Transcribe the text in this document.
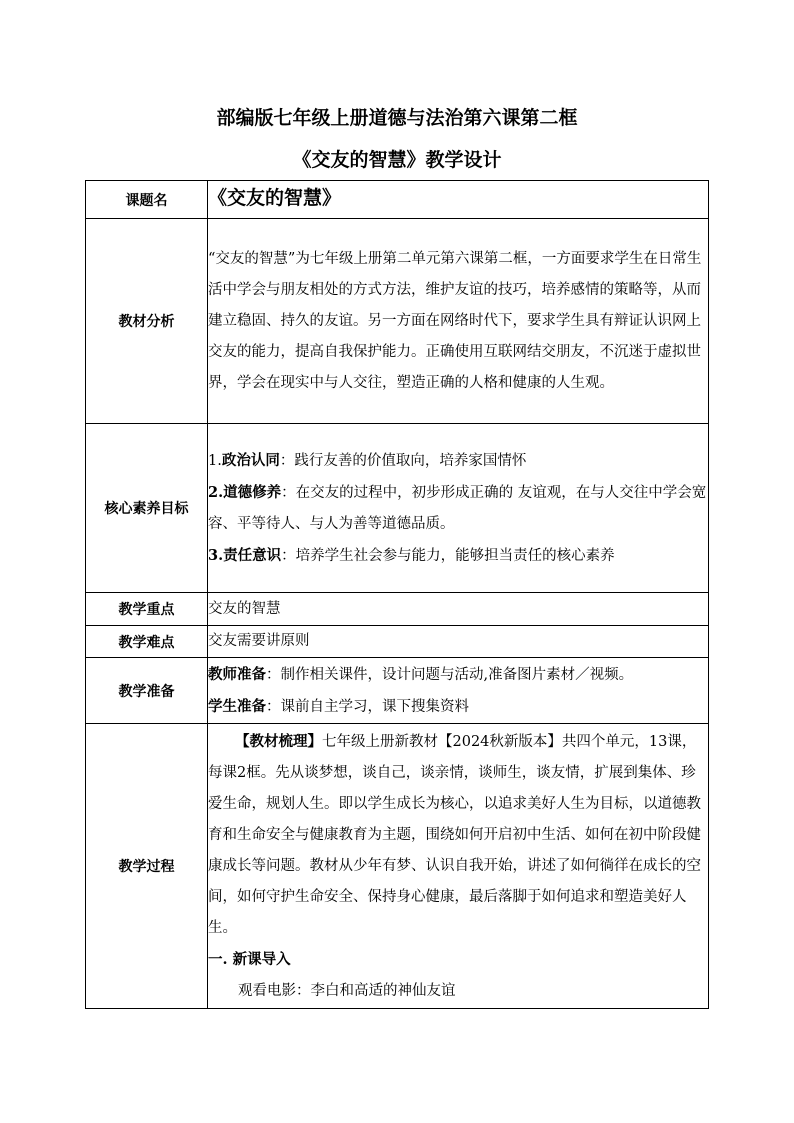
部编版七年级上册道德与法治第六课第二框
《交友的智慧》教学设计
课题名	《交友的智慧》
教材分析	“交友的智慧”为七年级上册第二单元第六课第二框，一方面要求学生在日常生活中学会与朋友相处的方式方法，维护友谊的技巧，培养感情的策略等，从而建立稳固、持久的友谊。另一方面在网络时代下，要求学生具有辩证认识网上交友的能力，提高自我保护能力。正确使用互联网结交朋友，不沉迷于虚拟世界，学会在现实中与人交往，塑造正确的人格和健康的人生观。

核心素养目标	1.政治认同：践行友善的价值取向，培养家国情怀
2.道德修养：在交友的过程中，初步形成正确的 友谊观，在与人交往中学会宽容、平等待人、与人为善等道德品质。
3.责任意识：培养学生社会参与能力，能够担当责任的核心素养

教学重点	交友的智慧
教学难点	交友需要讲原则
教学准备	教师准备：制作相关课件，设计问题与活动,准备图片素材／视频。
学生准备：课前自主学习，课下搜集资料

教学过程	【教材梳理】七年级上册新教材【2024秋新版本】共四个单元，13课， 每课2框。先从谈梦想，谈自己，谈亲情，谈师生，谈友情，扩展到集体、珍爱生命，规划人生。即以学生成长为核心，以追求美好人生为目标，以道德教育和生命安全与健康教育为主题，围绕如何开启初中生活、如何在初中阶段健康成长等问题。教材从少年有梦、认识自我开始，讲述了如何徜徉在成长的空间，如何守护生命安全、保持身心健康，最后落脚于如何追求和塑造美好人生。
一. 新课导入
观看电影：李白和高适的神仙友谊
